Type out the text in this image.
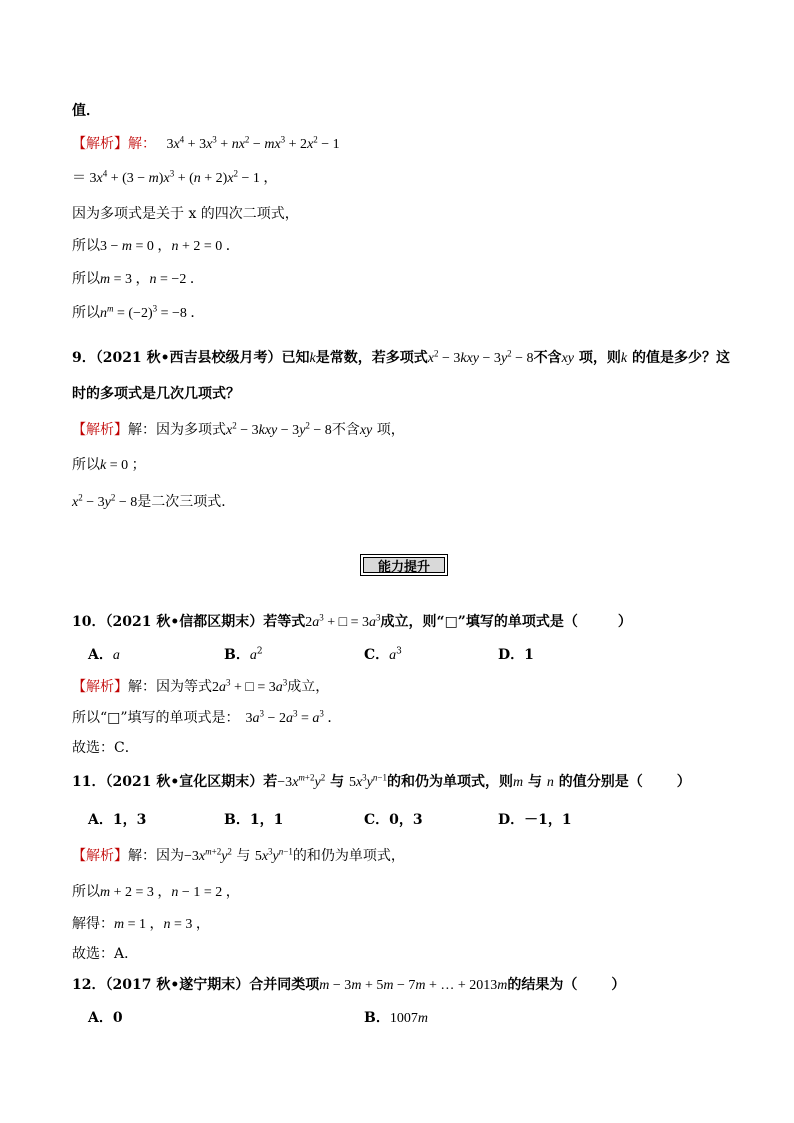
值．
【解析】解： $3x^4 + 3x^3 + nx^2 - mx^3 + 2x^2 - 1$
＝ $3x^4 + (3 - m)x^3 + (n + 2)x^2 - 1$ ，
因为多项式是关于 x 的四次二项式，
所以3 − m = 0 ，n + 2 = 0 ．
所以m = 3 ，n = −2 ．
所以$n^m = (-2)^3 = -8$ ．
9．（2021 秋•西吉县校级月考）已知k是常数，若多项式$x^2 - 3kxy - 3y^2 - 8$不含xy 项，则k 的值是多少？这
时的多项式是几次几项式？
【解析】解：因为多项式$x^2 - 3kxy - 3y^2 - 8$不含xy 项，
所以k = 0 ；
$x^2 - 3y^2 - 8$是二次三项式．
能力提升
10．（2021 秋•信都区期末）若等式$2a^3$ + □ = $3a^3$成立，则“□”填写的单项式是（	）
A．a	B．$a^2$	C．$a^3$	D．1
【解析】解：因为等式$2a^3$ + □ = $3a^3$成立，
所以“□”填写的单项式是： $3a^3 - 2a^3 = a^3$ ．
故选：C．
11．（2021 秋•宣化区期末）若$-3x^{m+2}y^2$ 与 $5x^3y^{n-1}$的和仍为单项式，则m 与 n 的值分别是（ ）
A．1，3	B．1，1	C．0，3	D．－1，1
【解析】解：因为$-3x^{m+2}y^2$ 与 $5x^3y^{n-1}$的和仍为单项式，
所以m + 2 = 3 ，n − 1 = 2 ，
解得：m = 1 ，n = 3 ，
故选：A．
12．（2017 秋•遂宁期末）合并同类项m − 3m + 5m − 7m + … + 2013m的结果为（ ）
A．0	B．1007m
